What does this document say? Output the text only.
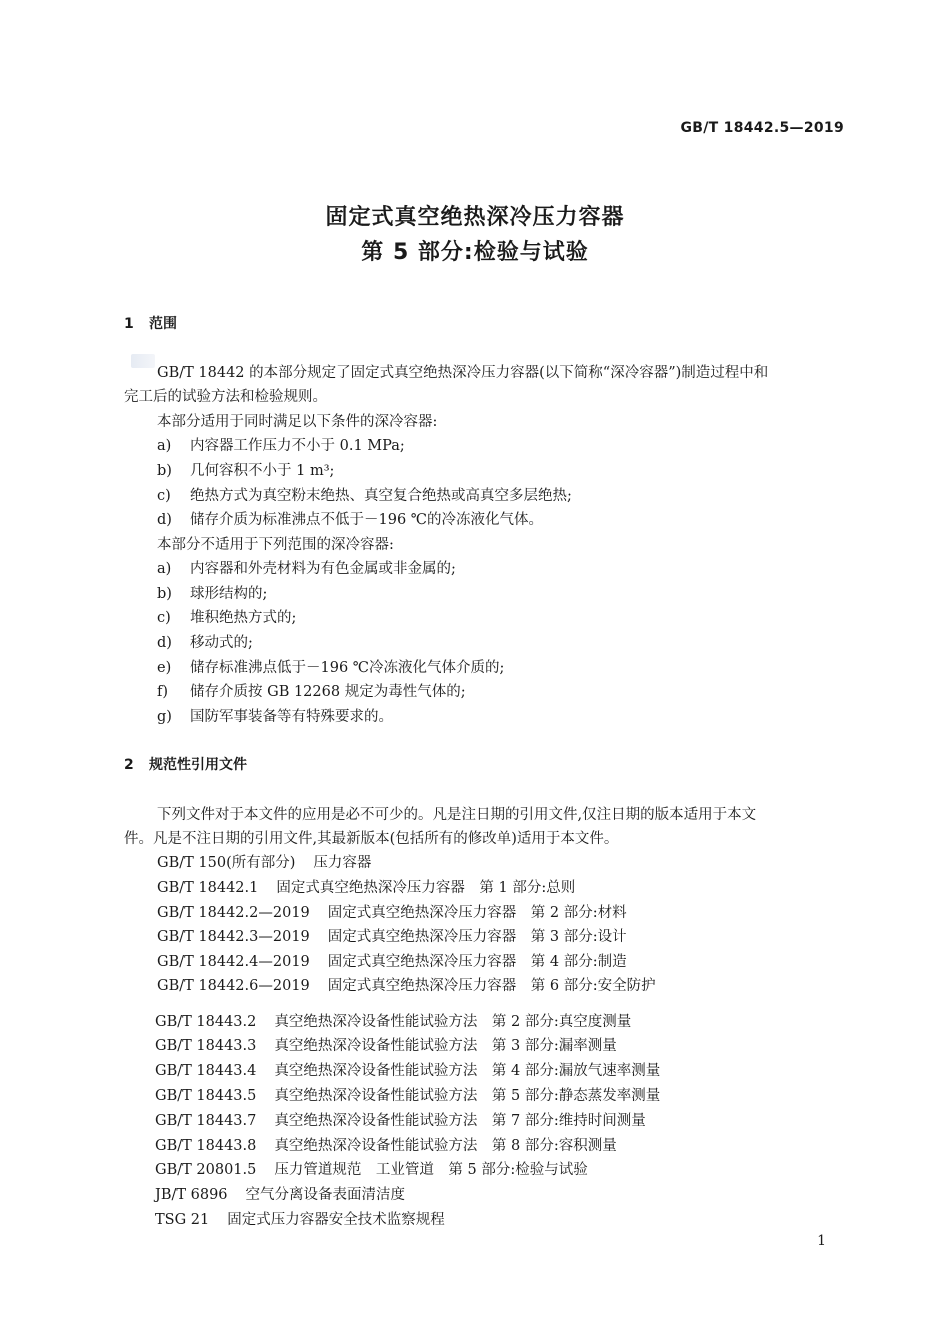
GB/T 18442.5—2019
固定式真空绝热深冷压力容器
第 5 部分:检验与试验
1 范围
GB/T 18442 的本部分规定了固定式真空绝热深冷压力容器(以下简称“深冷容器”)制造过程中和
完工后的试验方法和检验规则。
本部分适用于同时满足以下条件的深冷容器:
a) 内容器工作压力不小于 0.1 MPa;
b) 几何容积不小于 1 m³;
c) 绝热方式为真空粉末绝热、真空复合绝热或高真空多层绝热;
d) 储存介质为标准沸点不低于－196 ℃的冷冻液化气体。
本部分不适用于下列范围的深冷容器:
a) 内容器和外壳材料为有色金属或非金属的;
b) 球形结构的;
c) 堆积绝热方式的;
d) 移动式的;
e) 储存标准沸点低于－196 ℃冷冻液化气体介质的;
f) 储存介质按 GB 12268 规定为毒性气体的;
g) 国防军事装备等有特殊要求的。
2 规范性引用文件
下列文件对于本文件的应用是必不可少的。凡是注日期的引用文件,仅注日期的版本适用于本文
件。凡是不注日期的引用文件,其最新版本(包括所有的修改单)适用于本文件。
GB/T 150(所有部分) 压力容器
GB/T 18442.1 固定式真空绝热深冷压力容器　第 1 部分:总则
GB/T 18442.2—2019 固定式真空绝热深冷压力容器　第 2 部分:材料
GB/T 18442.3—2019 固定式真空绝热深冷压力容器　第 3 部分:设计
GB/T 18442.4—2019 固定式真空绝热深冷压力容器　第 4 部分:制造
GB/T 18442.6—2019 固定式真空绝热深冷压力容器　第 6 部分:安全防护
GB/T 18443.2 真空绝热深冷设备性能试验方法　第 2 部分:真空度测量
GB/T 18443.3 真空绝热深冷设备性能试验方法　第 3 部分:漏率测量
GB/T 18443.4 真空绝热深冷设备性能试验方法　第 4 部分:漏放气速率测量
GB/T 18443.5 真空绝热深冷设备性能试验方法　第 5 部分:静态蒸发率测量
GB/T 18443.7 真空绝热深冷设备性能试验方法　第 7 部分:维持时间测量
GB/T 18443.8 真空绝热深冷设备性能试验方法　第 8 部分:容积测量
GB/T 20801.5 压力管道规范　工业管道　第 5 部分:检验与试验
JB/T 6896 空气分离设备表面清洁度
TSG 21 固定式压力容器安全技术监察规程
1
